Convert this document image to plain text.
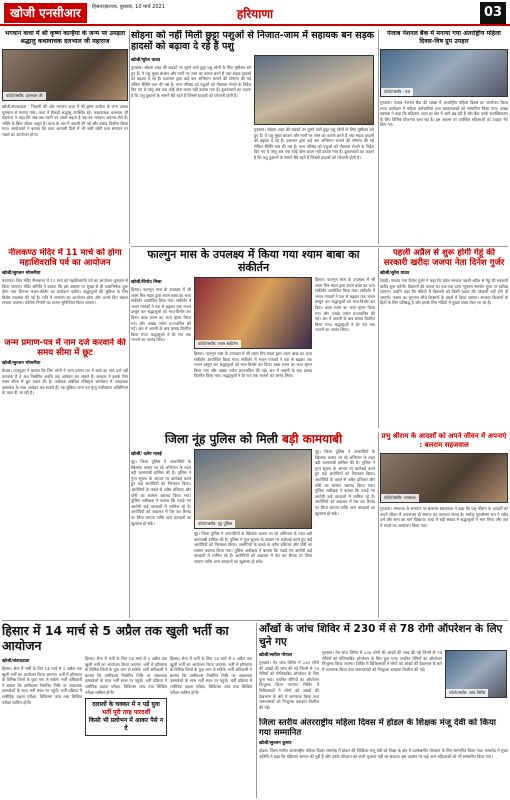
खोजी एनसीआर	हिसार/झज्जर, बुधवार, 10 मार्च 2021	हरियाणा	03
भगवान कथा में श्री कृष्ण कान्हैया के जन्म पर उमड़ता श्रद्धालु कथावाचक दलभाल जी महाराज
फोटो/तस्वीर: दलभाल जी
खोजी/संवाददाता : भिवानी की ओर भगवान कथा में श्री कृष्ण कन्हैया के जन्म उत्सव धूमधाम से मनाया गया। कथा में सैकड़ों श्रद्धालु उपस्थित रहे। कथावाचक दलभाल जी महाराज ने कहा कि जब-जब धरती पर अधर्म बढ़ता है तब-तब भगवान अवतार लेते हैं। भक्ति के बिना जीवन अधूरा है। कथा के अंत में आरती की गई और प्रसाद वितरित किया गया। आयोजकों ने बताया कि कथा आगामी दिनों में भी जारी रहेगी तथा समापन पर भंडारे का आयोजन होगा।
सोहना को नहीं मिली छुट्टा पशुओं से निजात-जाम में सहायक बन सड़क हादसों को बढ़ावा दे रहे हैं पशु
खोजी/सुरेश यादव
गुरुग्राम। सोहना शहर की सड़कों पर घूमने वाले छुट्टा पशु लोगों के लिए मुसीबत बने हुए हैं। ये पशु मुख्य बाजार और मार्गों पर जाम का कारण बनते हैं तथा सड़क हादसों को बढ़ावा दे रहे हैं। प्रशासन द्वारा कई बार अभियान चलाने की घोषणा की गई लेकिन स्थिति जस की तस है। नगर परिषद को पशुओं को गौशाला भेजने के निर्देश दिए गए थे परंतु अब तक कोई ठोस कदम नहीं उठाया गया है। दुकानदारों का कहना है कि पशु दुकानों के सामने बैठे रहते हैं जिससे ग्राहकों को परेशानी होती है।
गुरुग्राम। सोहना शहर की सड़कों पर घूमने वाले छुट्टा पशु लोगों के लिए मुसीबत बने हुए हैं। ये पशु मुख्य बाजार और मार्गों पर जाम का कारण बनते हैं तथा सड़क हादसों को बढ़ावा दे रहे हैं। प्रशासन द्वारा कई बार अभियान चलाने की घोषणा की गई लेकिन स्थिति जस की तस है। नगर परिषद को पशुओं को गौशाला भेजने के निर्देश दिए गए थे परंतु अब तक कोई ठोस कदम नहीं उठाया गया है। दुकानदारों का कहना है कि पशु दुकानों के सामने बैठे रहते हैं जिससे ग्राहकों को परेशानी होती है।
पंजाब नेशनल बैंक में मनाया गया अंतर्राष्ट्रीय महिला दिवस-विष ग्रुप उपहार
फोटो/तस्वीर : एस
गुरुग्राम। पंजाब नेशनल बैंक की शाखा में अंतर्राष्ट्रीय महिला दिवस का आयोजन किया गया। कार्यक्रम में महिला कर्मचारियों तथा खाताधारकों को सम्मानित किया गया। शाखा प्रबंधक ने कहा कि महिलाएं आज हर क्षेत्र में आगे बढ़ रही हैं और बैंक उनके सशक्तिकरण के लिए विभिन्न योजनाएं चला रहा है। इस अवसर पर उपस्थित महिलाओं को उपहार भेंट किए गए।
नीलकण्ठ मंदिर में 11 मार्च को होगा महाशिवरात्रि पर्व का आयोजन
खोजी/सुरजन भोजनीया
कलायत। शिव मंदिर नीलकण्ठ में 11 मार्च को महाशिवरात्रि पर्व का आयोजन धूमधाम से किया जाएगा। मंदिर समिति ने बताया कि इस अवसर पर सुबह से ही जलाभिषेक शुरू होगा तथा दिनभर भजन-कीर्तन का कार्यक्रम चलेगा। श्रद्धालुओं की सुविधा के लिए विशेष व्यवस्था की गई है। रात्रि में जागरण का आयोजन होगा और अगले दिन भंडारा लगाया जाएगा। कोरोना नियमों का पालन सुनिश्चित किया जाएगा।
जन्म प्रमाण-पत्र में नाम दर्ज करवाने की समय सीमा में छूट
खोजी/सुरजन भोजनीया
कैथल। उपायुक्त ने बताया कि जिन लोगों ने जन्म प्रमाण पत्र में बच्चे का नाम दर्ज नहीं करवाया है वे अब निर्धारित अवधि तक आवेदन कर सकते हैं। सरकार ने इसके लिए समय सीमा में छूट प्रदान की है। आवेदक संबंधित रजिस्ट्रार कार्यालय में आवश्यक दस्तावेज के साथ आवेदन कर सकते हैं। यह सुविधा जन्म एवं मृत्यु पंजीकरण अधिनियम के तहत दी जा रही है।
फाल्गुन मास के उपलक्ष्य में किया गया श्याम बाबा का संकीर्तन
खोजी/विनोद मिश्रा
हिसार। फाल्गुन मास के उपलक्ष्य में श्री श्याम मित्र मंडल द्वारा श्याम बाबा का भव्य संकीर्तन आयोजित किया गया। संकीर्तन में भजन गायकों ने एक से बढ़कर एक भजन प्रस्तुत कर श्रद्धालुओं को भाव-विभोर कर दिया। बाबा श्याम का भव्य श्रृंगार किया गया और अखंड ज्योत प्रज्ज्वलित की गई। अंत में आरती के बाद प्रसाद वितरित किया गया। श्रद्धालुओं ने देर रात तक भजनों का आनंद लिया।
फोटो/तस्वीर: श्याम संकीर्तन
हिसार। फाल्गुन मास के उपलक्ष्य में श्री श्याम मित्र मंडल द्वारा श्याम बाबा का भव्य संकीर्तन आयोजित किया गया। संकीर्तन में भजन गायकों ने एक से बढ़कर एक भजन प्रस्तुत कर श्रद्धालुओं को भाव-विभोर कर दिया। बाबा श्याम का भव्य श्रृंगार किया गया और अखंड ज्योत प्रज्ज्वलित की गई। अंत में आरती के बाद प्रसाद वितरित किया गया। श्रद्धालुओं ने देर रात तक भजनों का आनंद लिया।
हिसार। फाल्गुन मास के उपलक्ष्य में श्री श्याम मित्र मंडल द्वारा श्याम बाबा का भव्य संकीर्तन आयोजित किया गया। संकीर्तन में भजन गायकों ने एक से बढ़कर एक भजन प्रस्तुत कर श्रद्धालुओं को भाव-विभोर कर दिया। बाबा श्याम का भव्य श्रृंगार किया गया और अखंड ज्योत प्रज्ज्वलित की गई। अंत में आरती के बाद प्रसाद वितरित किया गया। श्रद्धालुओं ने देर रात तक भजनों का आनंद लिया।
पहली अप्रैल से शुरू होगी गेहूं की सरकारी खरीदः जजपा नेता दिनेश गुर्जर
खोजी/सुरेश यादव
रेवाड़ी। जजपा नेता दिनेश गुर्जर ने कहा कि प्रदेश सरकार पहली अप्रैल से गेहूं की सरकारी खरीद शुरू करेगी। किसानों की फसल का एक-एक दाना न्यूनतम समर्थन मूल्य पर खरीदा जाएगा। उन्होंने कहा कि मंडियों में किसानों को किसी प्रकार की परेशानी नहीं होने दी जाएगी। फसल का भुगतान सीधे किसानों के खातों में किया जाएगा। सरकार किसानों के हितों के लिए प्रतिबद्ध है और इसके लिए मंडियों में पुख्ता प्रबंध किए जा रहे हैं।
जिला नूंह पुलिस को मिली बड़ी कामयाबी
खोजी/ दलेप मावई
नूंह। जिला पुलिस ने अपराधियों के खिलाफ चलाए जा रहे अभियान के तहत बड़ी कामयाबी हासिल की है। पुलिस ने गुप्त सूचना के आधार पर कार्रवाई करते हुए कई आरोपियों को गिरफ्तार किया। आरोपियों के कब्जे से अवैध हथियार और चोरी का सामान बरामद किया गया। पुलिस अधीक्षक ने बताया कि पकड़े गए आरोपी कई वारदातों में शामिल रहे हैं। आरोपियों को अदालत में पेश कर रिमांड पर लिया जाएगा ताकि अन्य वारदातों का खुलासा हो सके।	फोटो/तस्वीर: नूंह पुलिस
नूंह। जिला पुलिस ने अपराधियों के खिलाफ चलाए जा रहे अभियान के तहत बड़ी कामयाबी हासिल की है। पुलिस ने गुप्त सूचना के आधार पर कार्रवाई करते हुए कई आरोपियों को गिरफ्तार किया। आरोपियों के कब्जे से अवैध हथियार और चोरी का सामान बरामद किया गया। पुलिस अधीक्षक ने बताया कि पकड़े गए आरोपी कई वारदातों में शामिल रहे हैं। आरोपियों को अदालत में पेश कर रिमांड पर लिया जाएगा ताकि अन्य वारदातों का खुलासा हो सके।
नूंह। जिला पुलिस ने अपराधियों के खिलाफ चलाए जा रहे अभियान के तहत बड़ी कामयाबी हासिल की है। पुलिस ने गुप्त सूचना के आधार पर कार्रवाई करते हुए कई आरोपियों को गिरफ्तार किया। आरोपियों के कब्जे से अवैध हथियार और चोरी का सामान बरामद किया गया। पुलिस अधीक्षक ने बताया कि पकड़े गए आरोपी कई वारदातों में शामिल रहे हैं। आरोपियों को अदालत में पेश कर रिमांड पर लिया जाएगा ताकि अन्य वारदातों का खुलासा हो सके।
प्रभु श्रीराम के आदर्शों को अपने जीवन में अपनाएं : बलराम सहजवाल
फोटो/तस्वीर: रामकथा
गुरुग्राम। रामकथा के समापन पर बलराम सहजवाल ने कहा कि प्रभु श्रीराम के आदर्शों को अपने जीवन में अपनाकर ही समाज का कल्याण संभव है। मर्यादा पुरुषोत्तम राम ने सदैव धर्म और सत्य का मार्ग दिखाया। कथा में बड़ी संख्या में श्रद्धालुओं ने भाग लिया और अंत में भंडारे का आयोजन किया गया।
हिसार में 14 मार्च से 5 अप्रैल तक खुली भर्ती का आयोजन
खोजी/संवाददाता
हिसार। सेना में भर्ती के लिए 14 मार्च से 5 अप्रैल तक खुली भर्ती का आयोजन किया जाएगा। भर्ती में हरियाणा के विभिन्न जिलों के युवा भाग ले सकेंगे। भर्ती अधिकारी ने बताया कि उम्मीदवार निर्धारित तिथि पर आवश्यक दस्तावेजों के साथ भर्ती स्थल पर पहुंचें। भर्ती प्रक्रिया में शारीरिक दक्षता परीक्षा, चिकित्सा जांच तथा लिखित परीक्षा शामिल होगी।
हिसार। सेना में भर्ती के लिए 14 मार्च से 5 अप्रैल तक खुली भर्ती का आयोजन किया जाएगा। भर्ती में हरियाणा के विभिन्न जिलों के युवा भाग ले सकेंगे। भर्ती अधिकारी ने बताया कि उम्मीदवार निर्धारित तिथि पर आवश्यक दस्तावेजों के साथ भर्ती स्थल पर पहुंचें। भर्ती प्रक्रिया में शारीरिक दक्षता परीक्षा, चिकित्सा जांच तथा लिखित परीक्षा शामिल होगी।
दलालों के चक्कर में न पड़ें युवा
भर्ती पूरी तरह पारदर्शी
किसी भी प्रलोभन में आकर पैसे न दें
हिसार। सेना में भर्ती के लिए 14 मार्च से 5 अप्रैल तक खुली भर्ती का आयोजन किया जाएगा। भर्ती में हरियाणा के विभिन्न जिलों के युवा भाग ले सकेंगे। भर्ती अधिकारी ने बताया कि उम्मीदवार निर्धारित तिथि पर आवश्यक दस्तावेजों के साथ भर्ती स्थल पर पहुंचें। भर्ती प्रक्रिया में शारीरिक दक्षता परीक्षा, चिकित्सा जांच तथा लिखित परीक्षा शामिल होगी।
आँखों के जांच शिविर में 230 में से 78 रोगी ऑपरेशन के लिए चुने गए
खोजी/सतीश गोपाल
गुरुग्राम। नेत्र जांच शिविर में 230 लोगों की आंखों की जांच की गई जिनमें से 78 रोगियों को मोतियाबिंद ऑपरेशन के लिए चुना गया। चयनित रोगियों का ऑपरेशन निःशुल्क किया जाएगा। शिविर में चिकित्सकों ने लोगों को आंखों की देखभाल के बारे में जागरूक किया तथा जरूरतमंदों को निःशुल्क दवाइयां वितरित की गईं।
गुरुग्राम। नेत्र जांच शिविर में 230 लोगों की आंखों की जांच की गई जिनमें से 78 रोगियों को मोतियाबिंद ऑपरेशन के लिए चुना गया। चयनित रोगियों का ऑपरेशन निःशुल्क किया जाएगा। शिविर में चिकित्सकों ने लोगों को आंखों की देखभाल के बारे में जागरूक किया तथा जरूरतमंदों को निःशुल्क दवाइयां वितरित की गईं।
फोटो/तस्वीर: जांच शिविर
जिला स्तरीय अंतरराष्ट्रीय महिला दिवस में होडल के शिक्षक मंजू देवी को किया गया सम्मानित
खोजी/सुरजन कुमार
होडल। जिला स्तरीय अंतरराष्ट्रीय महिला दिवस समारोह में होडल की शिक्षिका मंजू देवी को शिक्षा के क्षेत्र में उल्लेखनीय योगदान के लिए सम्मानित किया गया। समारोह में मुख्य अतिथि ने कहा कि महिलाएं समाज की धुरी हैं और उनके योगदान को कभी भुलाया नहीं जा सकता। इस अवसर पर कई अन्य महिलाओं को भी सम्मानित किया गया।
